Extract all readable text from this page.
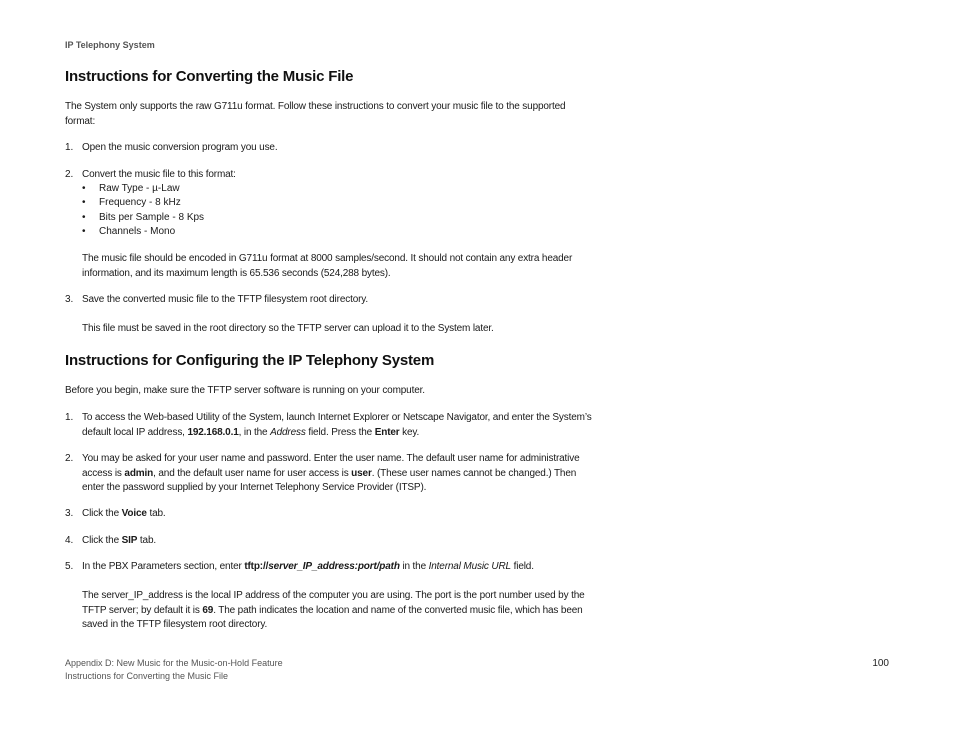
IP Telephony System
Instructions for Converting the Music File

The System only supports the raw G711u format. Follow these instructions to convert your music file to the supported format:

1. Open the music conversion program you use.

2. Convert the music file to this format:

• Raw Type - µ-Law
• Frequency - 8 kHz
• Bits per Sample - 8 Kps
• Channels - Mono

The music file should be encoded in G711u format at 8000 samples/second. It should not contain any extra header information, and its maximum length is 65.536 seconds (524,288 bytes).

3. Save the converted music file to the TFTP filesystem root directory.

This file must be saved in the root directory so the TFTP server can upload it to the System later.

Instructions for Configuring the IP Telephony System

Before you begin, make sure the TFTP server software is running on your computer.

1. To access the Web-based Utility of the System, launch Internet Explorer or Netscape Navigator, and enter the System’s default local IP address, 192.168.0.1, in the Address field. Press the Enter key.

2. You may be asked for your user name and password. Enter the user name. The default user name for administrative access is admin, and the default user name for user access is user. (These user names cannot be changed.) Then enter the password supplied by your Internet Telephony Service Provider (ITSP).

3. Click the Voice tab.

4. Click the SIP tab.

5. In the PBX Parameters section, enter tftp://server_IP_address:port/path in the Internal Music URL field.

The server_IP_address is the local IP address of the computer you are using. The port is the port number used by the TFTP server; by default it is 69. The path indicates the location and name of the converted music file, which has been saved in the TFTP filesystem root directory.

Appendix D: New Music for the Music-on-Hold Feature
Instructions for Converting the Music File
100
